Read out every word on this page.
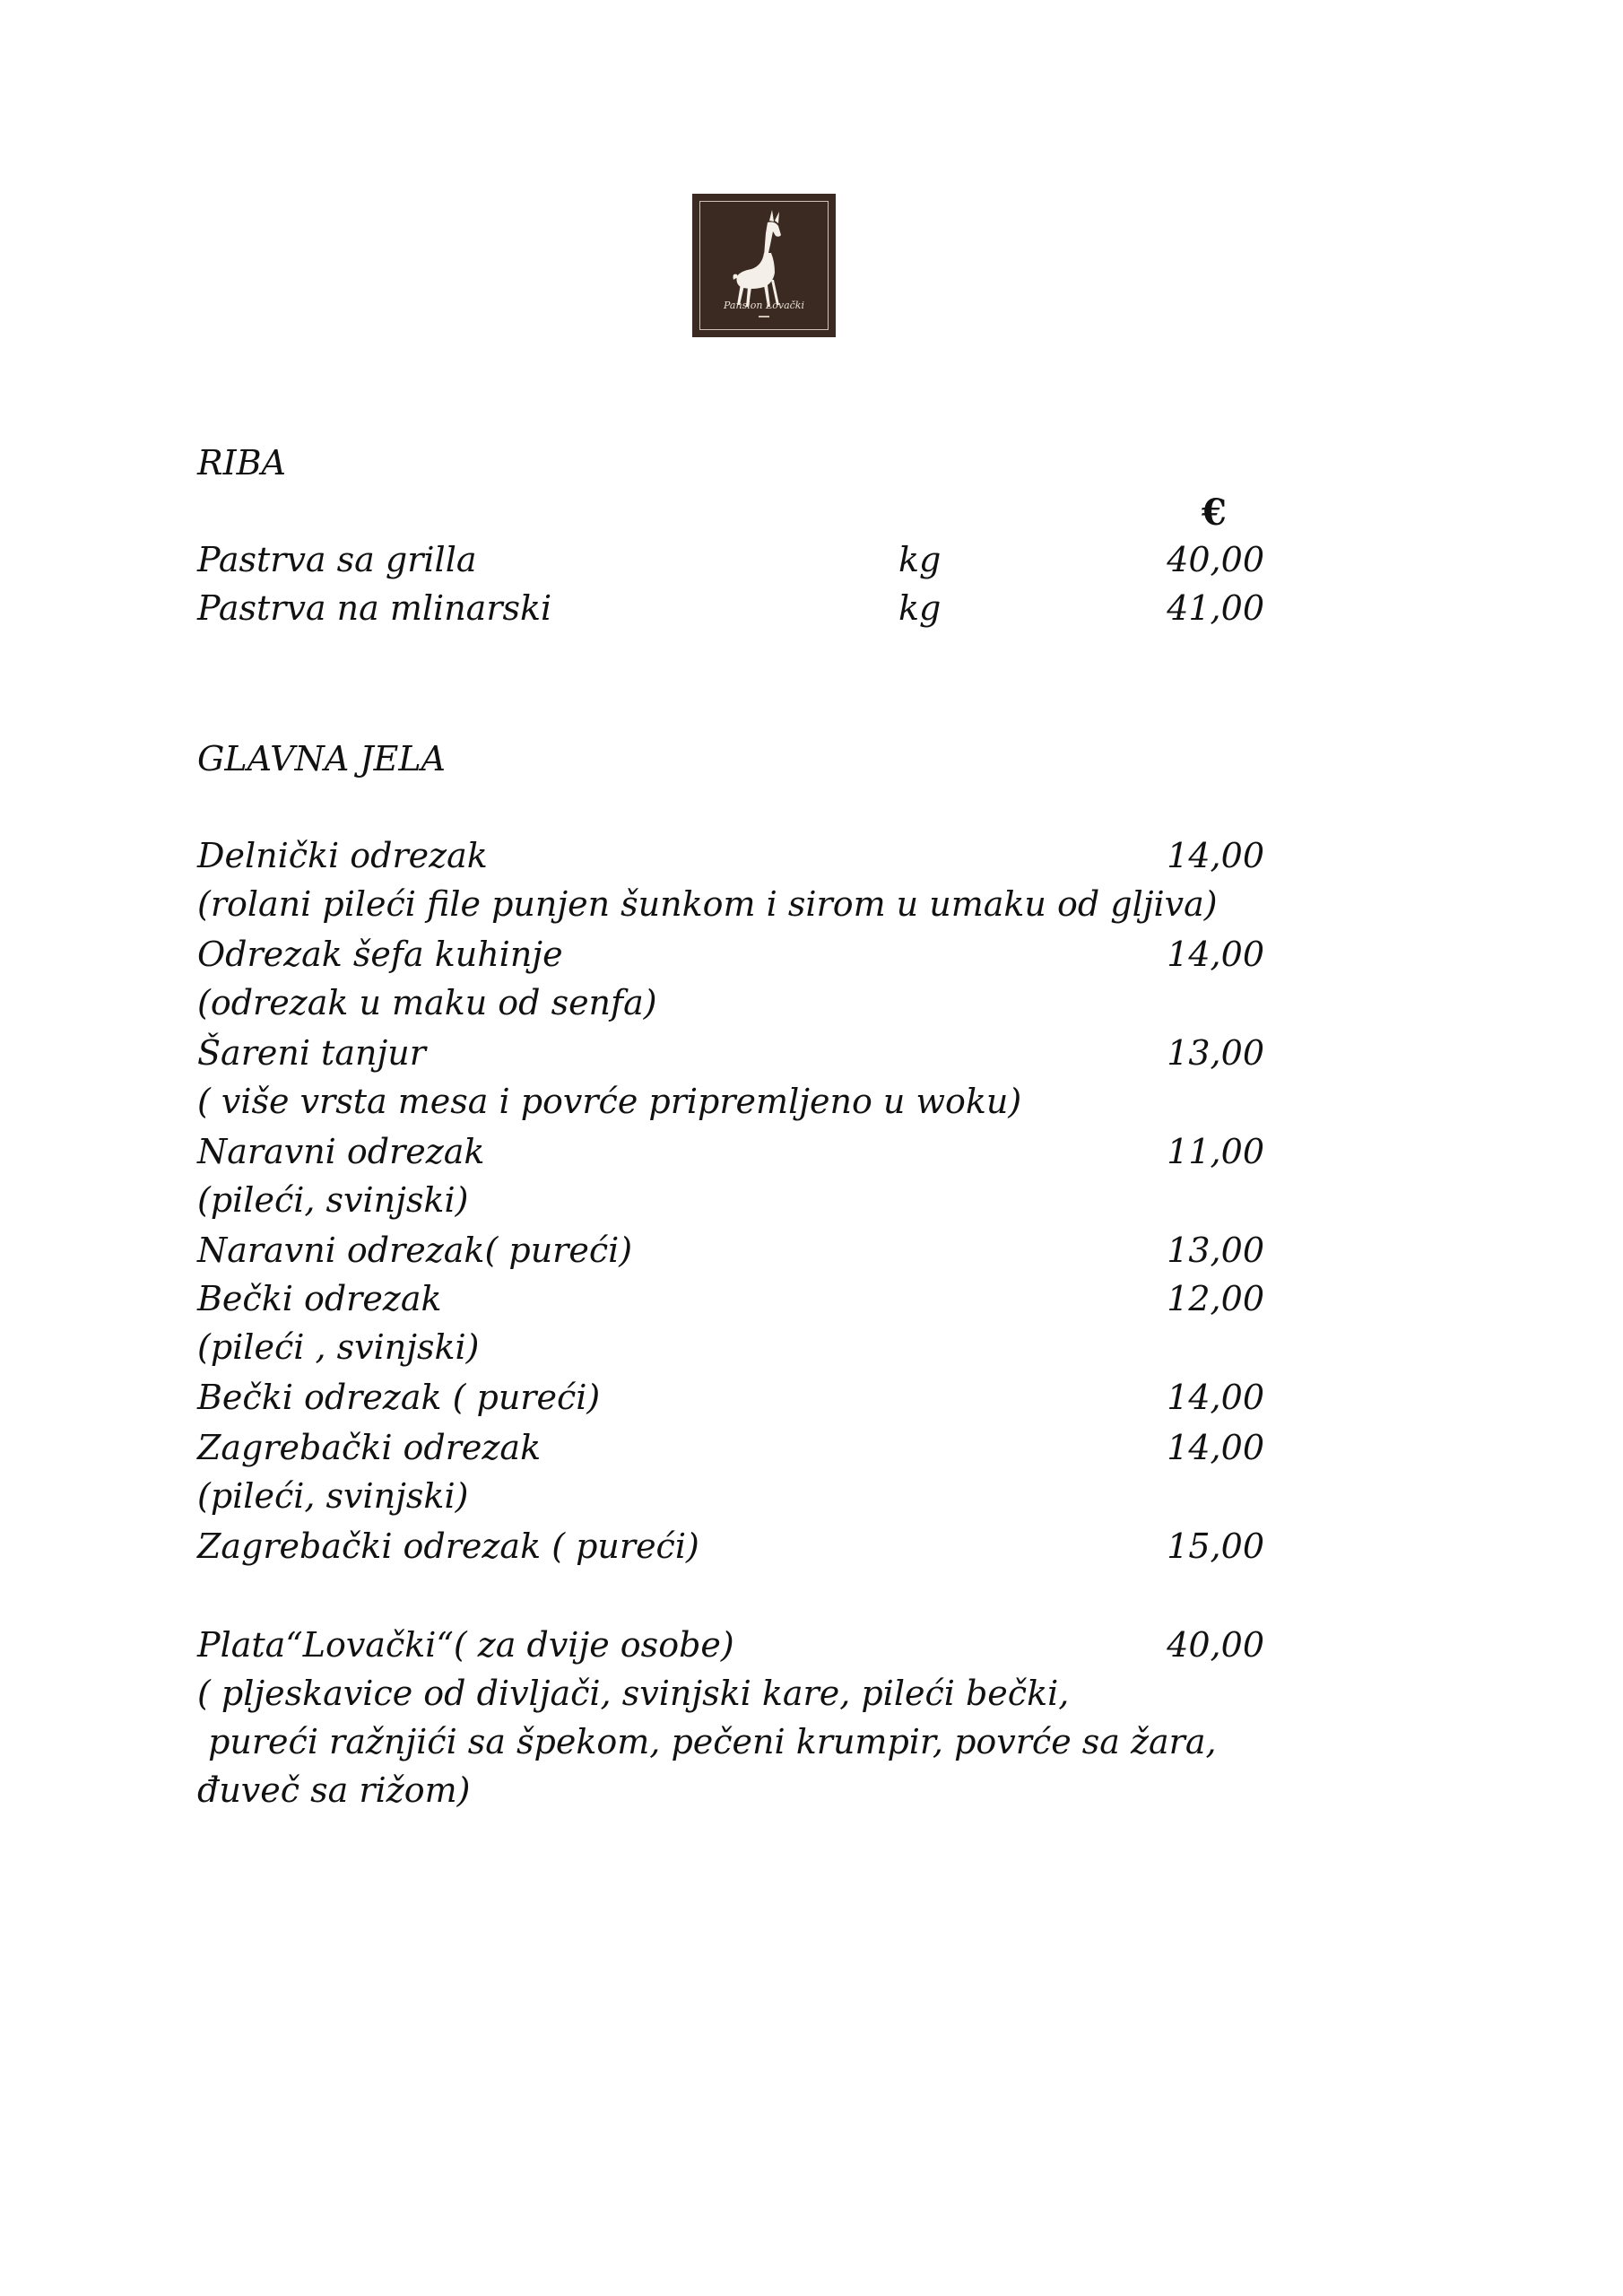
Pansion Lovački
RIBA
€
Pastrva sa grilla	kg	40,00
Pastrva na mlinarski	kg	41,00
GLAVNA JELA
Delnički odrezak	14,00
(rolani pileći file punjen šunkom i sirom u umaku od gljiva)
Odrezak šefa kuhinje	14,00
(odrezak u maku od senfa)
Šareni tanjur	13,00
( više vrsta mesa i povrće pripremljeno u woku)
Naravni odrezak	11,00
(pileći, svinjski)
Naravni odrezak( pureći)	13,00
Bečki odrezak	12,00
(pileći , svinjski)
Bečki odrezak ( pureći)	14,00
Zagrebački odrezak	14,00
(pileći, svinjski)
Zagrebački odrezak ( pureći)	15,00
Plata“Lovački“( za dvije osobe)	40,00
( pljeskavice od divljači, svinjski kare, pileći bečki,
pureći ražnjići sa špekom, pečeni krumpir, povrće sa žara,
đuveč sa rižom)
